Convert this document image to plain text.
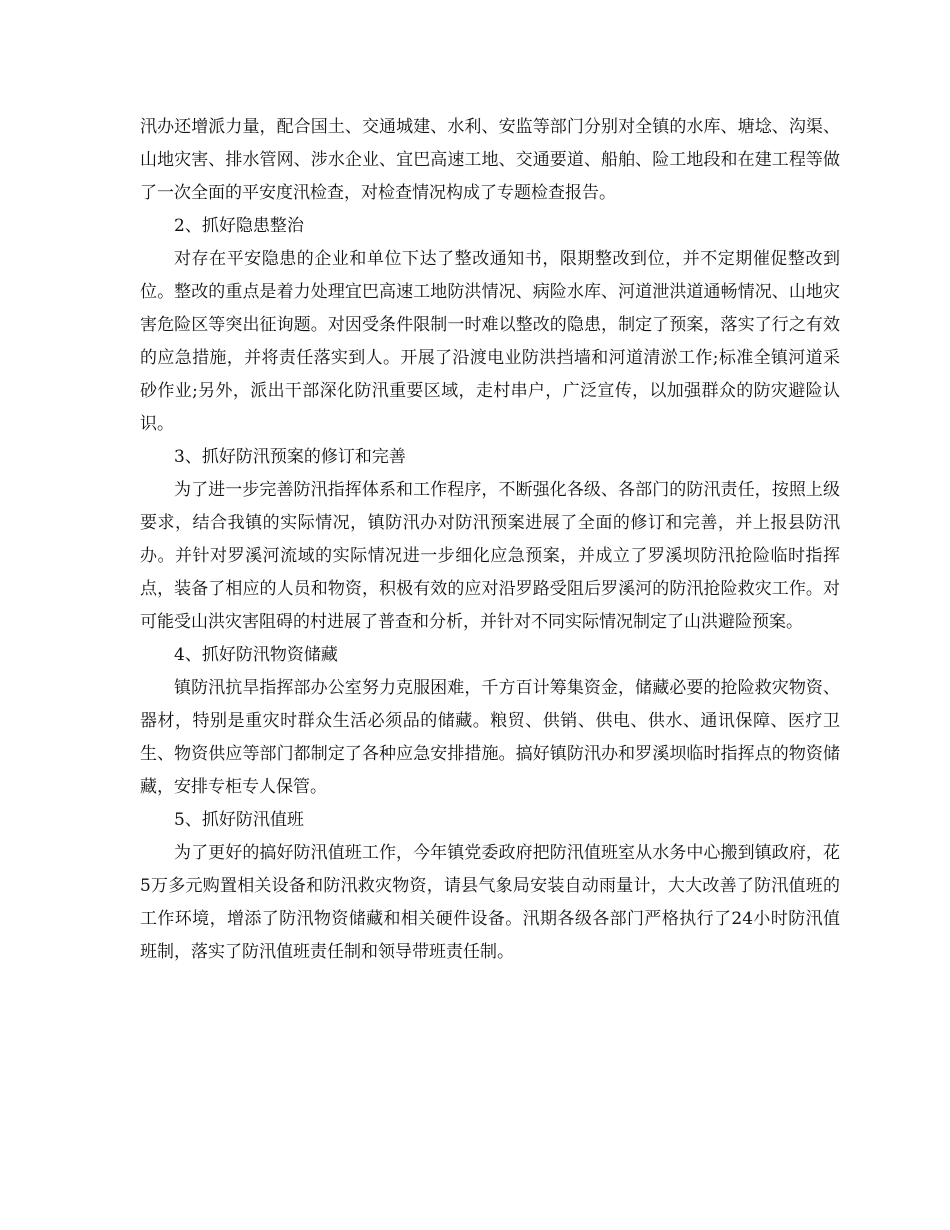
汛办还增派力量，配合国土、交通城建、水利、安监等部门分别对全镇的水库、塘埝、沟渠、山地灾害、排水管网、涉水企业、宜巴高速工地、交通要道、船舶、险工地段和在建工程等做了一次全面的平安度汛检查，对检查情况构成了专题检查报告。

2、抓好隐患整治

对存在平安隐患的企业和单位下达了整改通知书，限期整改到位，并不定期催促整改到位。整改的重点是着力处理宜巴高速工地防洪情况、病险水库、河道泄洪道通畅情况、山地灾害危险区等突出征询题。对因受条件限制一时难以整改的隐患，制定了预案，落实了行之有效的应急措施，并将责任落实到人。开展了沿渡电业防洪挡墙和河道清淤工作;标准全镇河道采砂作业;另外，派出干部深化防汛重要区域，走村串户，广泛宣传，以加强群众的防灾避险认识。

3、抓好防汛预案的修订和完善

为了进一步完善防汛指挥体系和工作程序，不断强化各级、各部门的防汛责任，按照上级要求，结合我镇的实际情况，镇防汛办对防汛预案进展了全面的修订和完善，并上报县防汛办。并针对罗溪河流域的实际情况进一步细化应急预案，并成立了罗溪坝防汛抢险临时指挥点，装备了相应的人员和物资，积极有效的应对沿罗路受阻后罗溪河的防汛抢险救灾工作。对可能受山洪灾害阻碍的村进展了普查和分析，并针对不同实际情况制定了山洪避险预案。

4、抓好防汛物资储藏

镇防汛抗旱指挥部办公室努力克服困难，千方百计筹集资金，储藏必要的抢险救灾物资、器材，特别是重灾时群众生活必须品的储藏。粮贸、供销、供电、供水、通讯保障、医疗卫生、物资供应等部门都制定了各种应急安排措施。搞好镇防汛办和罗溪坝临时指挥点的物资储藏，安排专柜专人保管。

5、抓好防汛值班

为了更好的搞好防汛值班工作，今年镇党委政府把防汛值班室从水务中心搬到镇政府，花5万多元购置相关设备和防汛救灾物资，请县气象局安装自动雨量计，大大改善了防汛值班的工作环境，增添了防汛物资储藏和相关硬件设备。汛期各级各部门严格执行了24小时防汛值班制，落实了防汛值班责任制和领导带班责任制。
